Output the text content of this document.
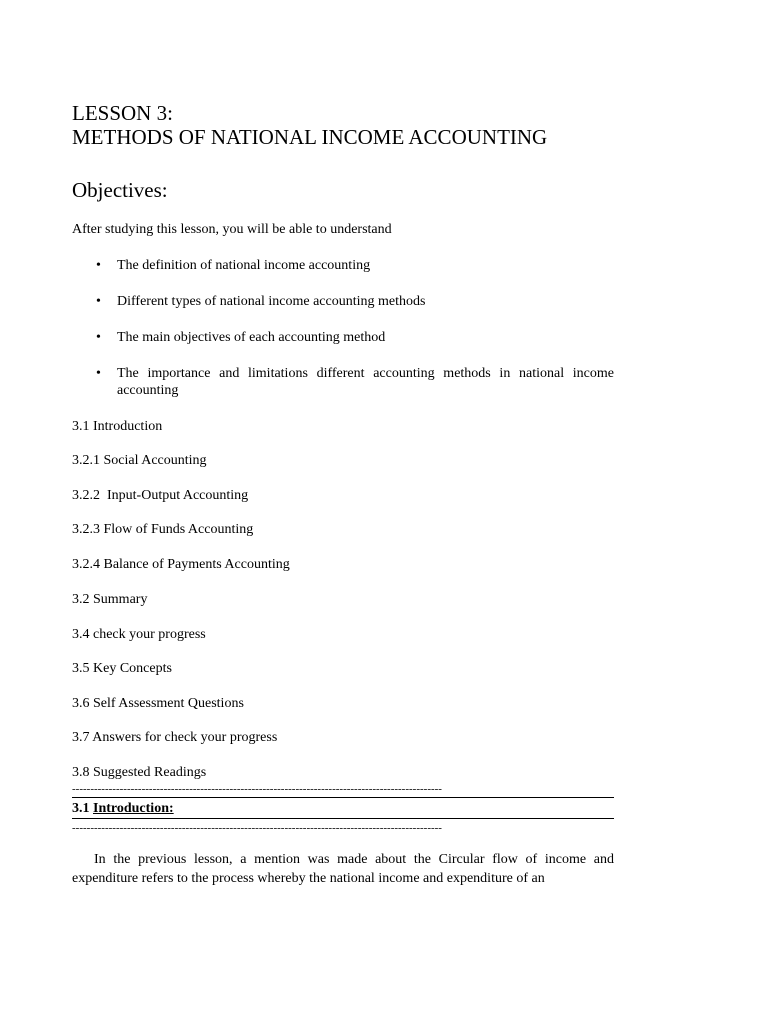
LESSON 3:
METHODS OF NATIONAL INCOME ACCOUNTING
Objectives:
After studying this lesson, you will be able to understand
• The definition of national income accounting
• Different types of national income accounting methods
• The main objectives of each accounting method
• The importance and limitations different accounting methods in national income accounting
3.1 Introduction
3.2.1 Social Accounting
3.2.2  Input-Output Accounting
3.2.3 Flow of Funds Accounting
3.2.4 Balance of Payments Accounting
3.2 Summary
3.4 check your progress
3.5 Key Concepts
3.6 Self Assessment Questions
3.7 Answers for check your progress
3.8 Suggested Readings
-----------------------------------------------------------------------------------------------------
3.1 Introduction:
-----------------------------------------------------------------------------------------------------

In the previous lesson, a mention was made about the Circular flow of income and expenditure refers to the process whereby the national income and expenditure of an
